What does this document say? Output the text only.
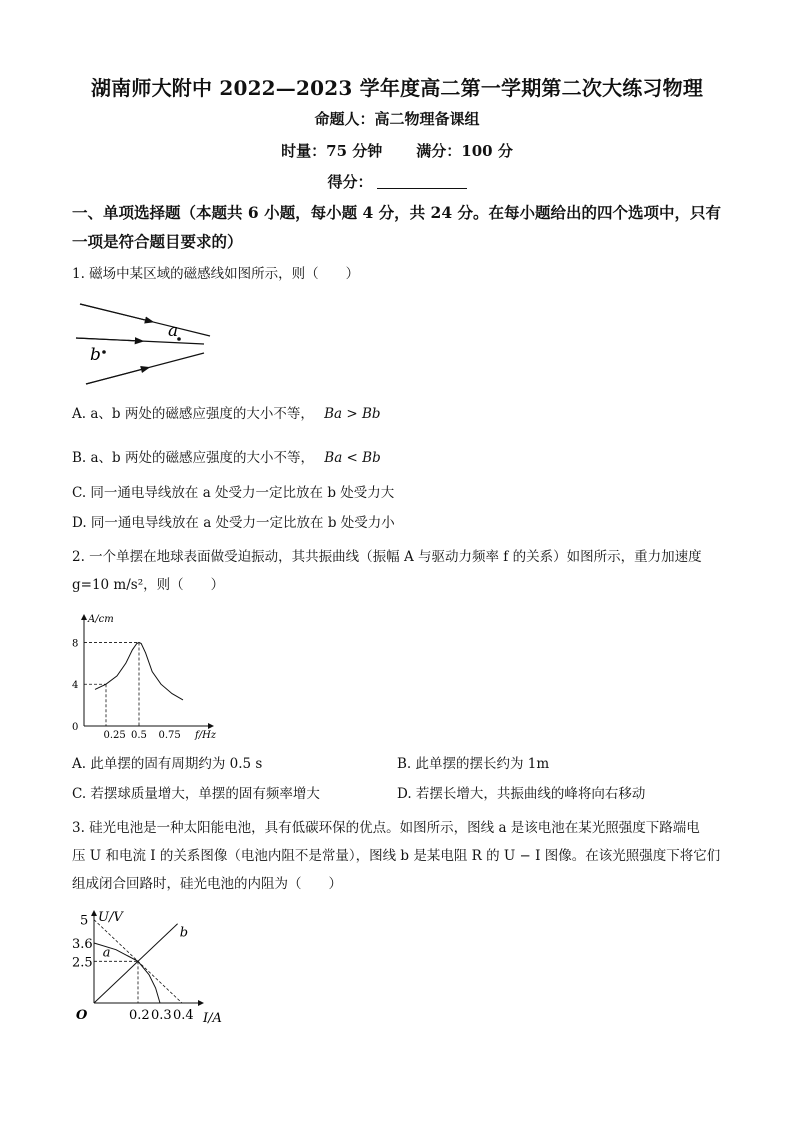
湖南师大附中 2022—2023 学年度高二第一学期第二次大练习物理
命题人：高二物理备课组
时量：75 分钟 满分：100 分
得分：
一、单项选择题（本题共 6 小题，每小题 4 分，共 24 分。在每小题给出的四个选项中，只有
一项是符合题目要求的）
1. 磁场中某区域的磁感线如图所示，则（　　）
a
b
A. a、b 两处的磁感应强度的大小不等， Ba > Bb
B. a、b 两处的磁感应强度的大小不等， Ba < Bb
C. 同一通电导线放在 a 处受力一定比放在 b 处受力大
D. 同一通电导线放在 a 处受力一定比放在 b 处受力小
2. 一个单摆在地球表面做受迫振动，其共振曲线（振幅 A 与驱动力频率 f 的关系）如图所示，重力加速度
g=10 m/s²，则（　　）
A/cm
f/Hz
0.25 0.5 0.75
0
4
8
A. 此单摆的固有周期约为 0.5 s	B. 此单摆的摆长约为 1m
C. 若摆球质量增大，单摆的固有频率增大	D. 若摆长增大，共振曲线的峰将向右移动
3. 硅光电池是一种太阳能电池，具有低碳环保的优点。如图所示，图线 a 是该电池在某光照强度下路端电
压 U 和电流 I 的关系图像（电池内阻不是常量），图线 b 是某电阻 R 的 U − I 图像。在该光照强度下将它们
组成闭合回路时，硅光电池的内阻为（　　）
U/V
I/A
O	0.2 0.3 0.4
2.5
3.6
5
a
b
